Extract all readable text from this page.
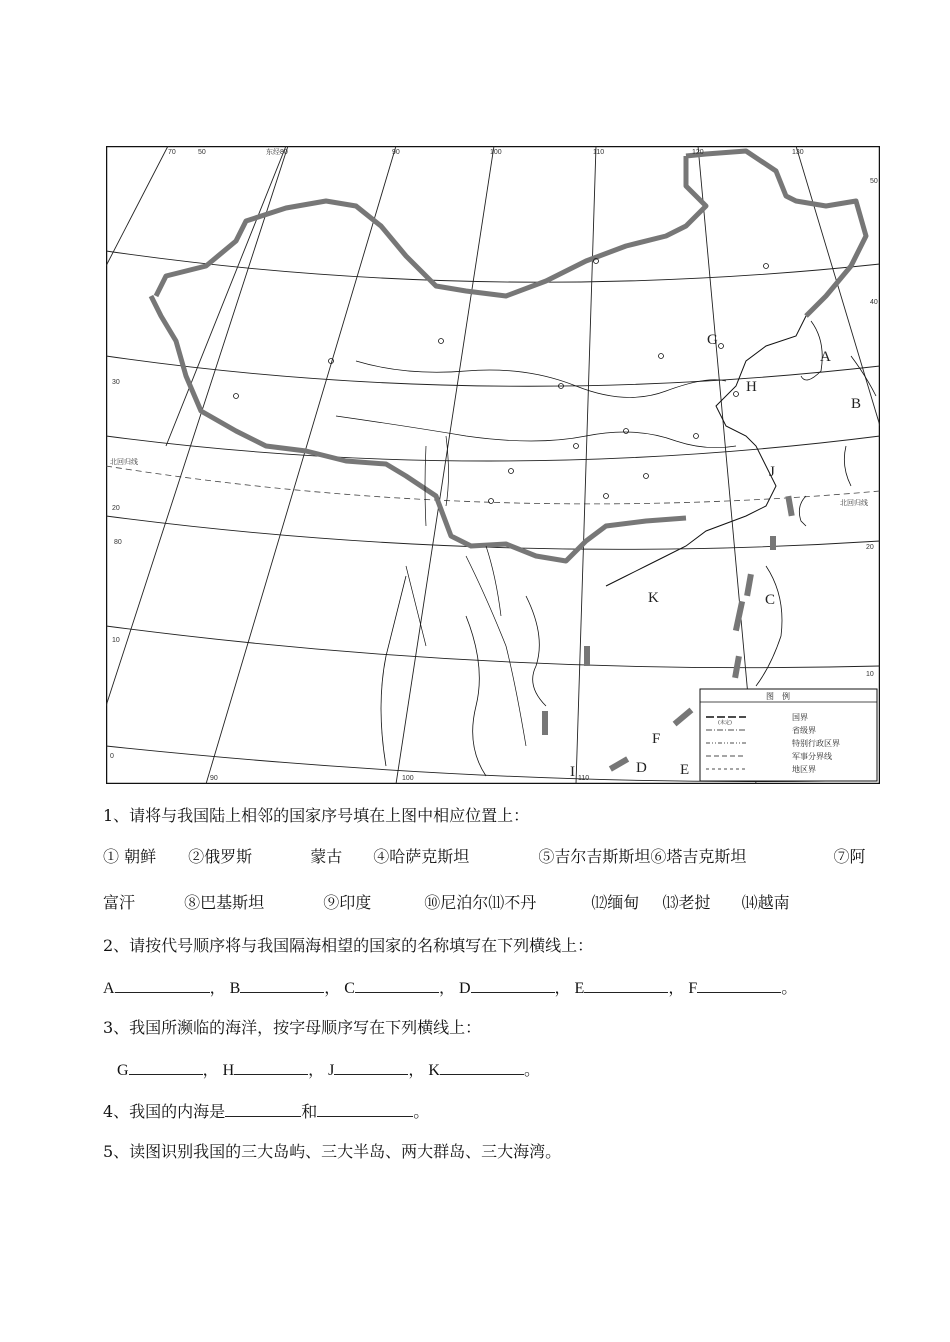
70	东经80	90	100	110	120	130
50
50
40
30
20
20
10
10
0
80
90	100	110
北回归线
北回归线
A
B
C
D E
F
G
H
I
J
K
图　例
(未定)
国界
省级界
特别行政区界
军事分界线
地区界
1、请将与我国陆上相邻的国家序号填在上图中相应位置上：
① 朝鲜 ②俄罗斯	蒙古 ④哈萨克斯坦	⑤吉尔吉斯斯坦⑥塔吉克斯坦	⑦阿
富汗	⑧巴基斯坦	⑨印度	⑩尼泊尔⑾不丹	⑿缅甸 ⒀老挝 ⒁越南
2、请按代号顺序将与我国隔海相望的国家的名称填写在下列横线上：
A	， B	， C	， D	， E	， F	。
3、我国所濒临的海洋，按字母顺序写在下列横线上：
G	， H	， J	， K	。
4、我国的内海是	和	。
5、读图识别我国的三大岛屿、三大半岛、两大群岛、三大海湾。
